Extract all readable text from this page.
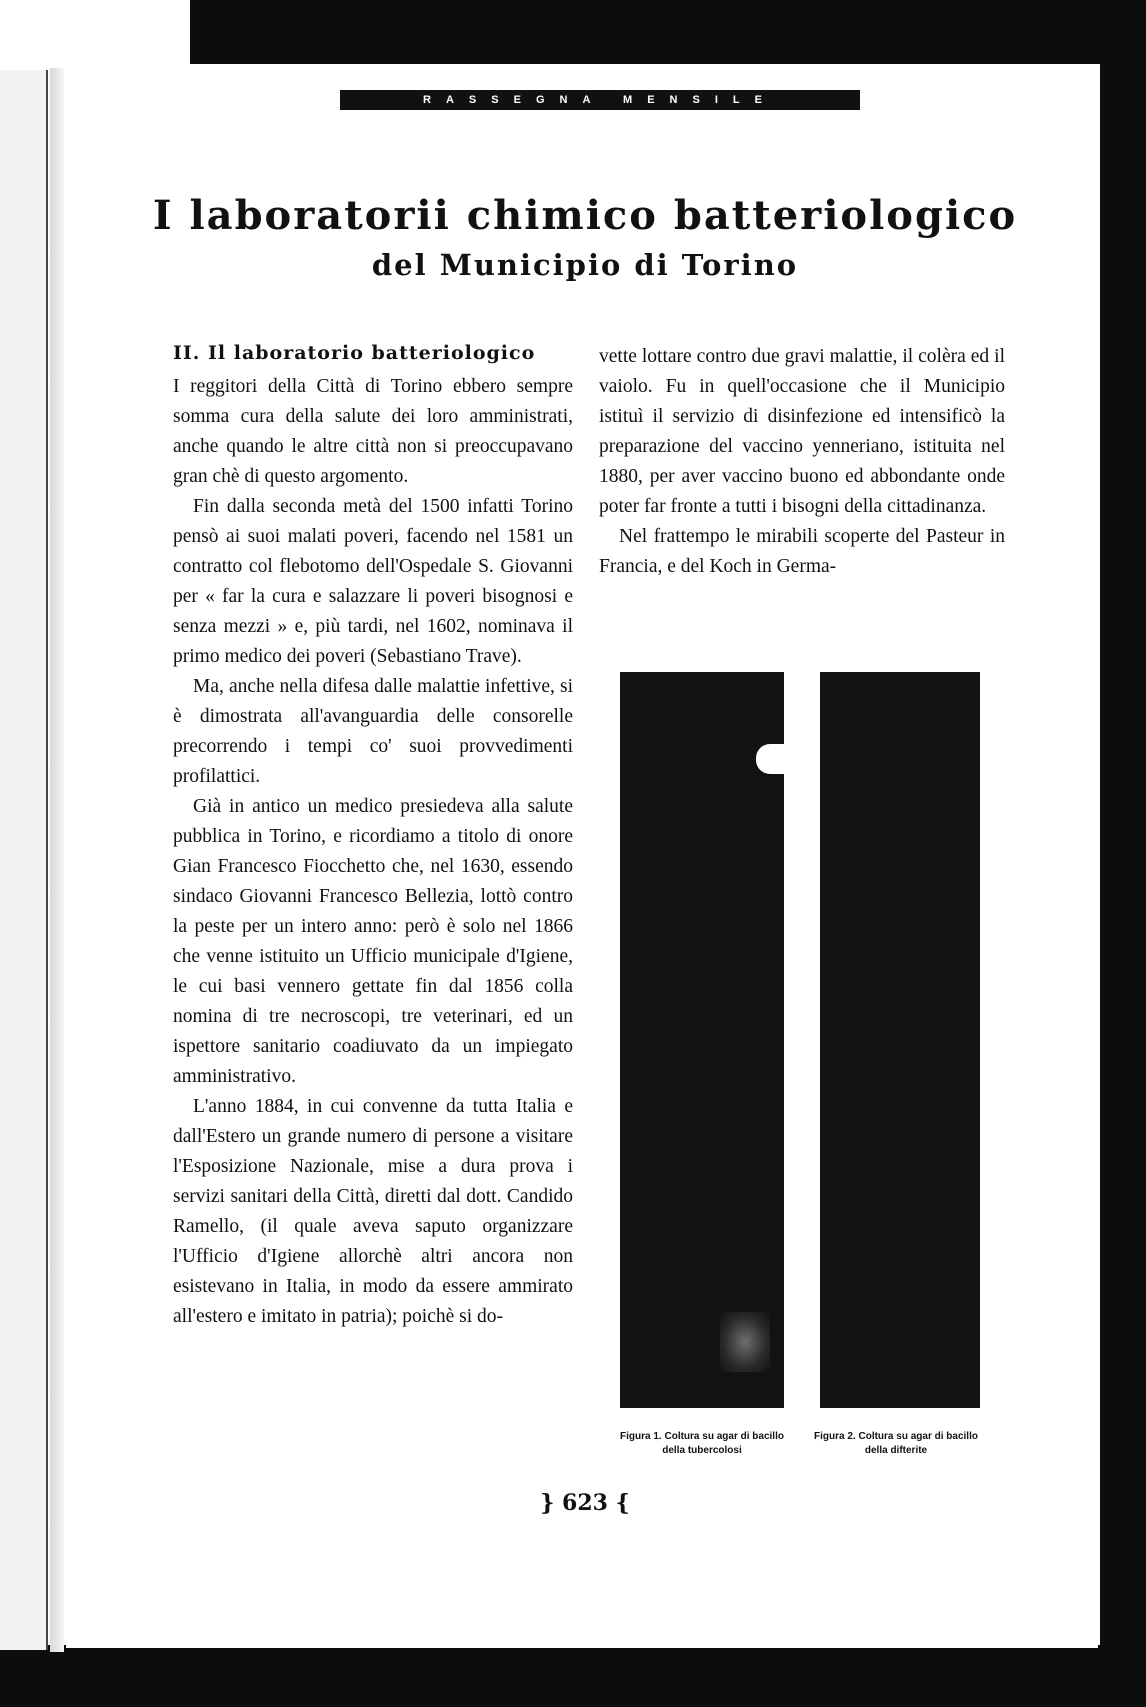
RASSEGNA MENSILE
I laboratorii chimico batteriologico
del Municipio di Torino
II. Il laboratorio batteriologico

I reggitori della Città di Torino ebbero sempre somma cura della salute dei loro amministrati, anche quando le altre città non si preoccupavano gran chè di questo argomento.

Fin dalla seconda metà del 1500 infatti Torino pensò ai suoi malati poveri, facendo nel 1581 un contratto col flebotomo dell'Ospedale S. Giovanni per « far la cura e salazzare li poveri bisognosi e senza mezzi » e, più tardi, nel 1602, nominava il primo medico dei poveri (Sebastiano Trave).

Ma, anche nella difesa dalle malattie infettive, si è dimostrata all'avanguardia delle consorelle precorrendo i tempi co' suoi provvedimenti profilattici.

Già in antico un medico presiedeva alla salute pubblica in Torino, e ricordiamo a titolo di onore Gian Francesco Fiocchetto che, nel 1630, essendo sindaco Giovanni Francesco Bellezia, lottò contro la peste per un intero anno: però è solo nel 1866 che venne istituito un Ufficio municipale d'Igiene, le cui basi vennero gettate fin dal 1856 colla nomina di tre necroscopi, tre veterinari, ed un ispettore sanitario coadiuvato da un impiegato amministrativo.

L'anno 1884, in cui convenne da tutta Italia e dall'Estero un grande numero di persone a visitare l'Esposizione Nazionale, mise a dura prova i servizi sanitari della Città, diretti dal dott. Candido Ramello, (il quale aveva saputo organizzare l'Ufficio d'Igiene allorchè altri ancora non esistevano in Italia, in modo da essere ammirato all'estero e imitato in patria); poichè si do-

vette lottare contro due gravi malattie, il colèra ed il vaiolo. Fu in quell'occasione che il Municipio istituì il servizio di disinfezione ed intensificò la preparazione del vaccino yenneriano, istituita nel 1880, per aver vaccino buono ed abbondante onde poter far fronte a tutti i bisogni della cittadinanza.

Nel frattempo le mirabili scoperte del Pasteur in Francia, e del Koch in Germa-

Figura 1. Coltura su agar di bacillo della tubercolosi
Figura 2. Coltura su agar di bacillo della difterite
} 623 {
